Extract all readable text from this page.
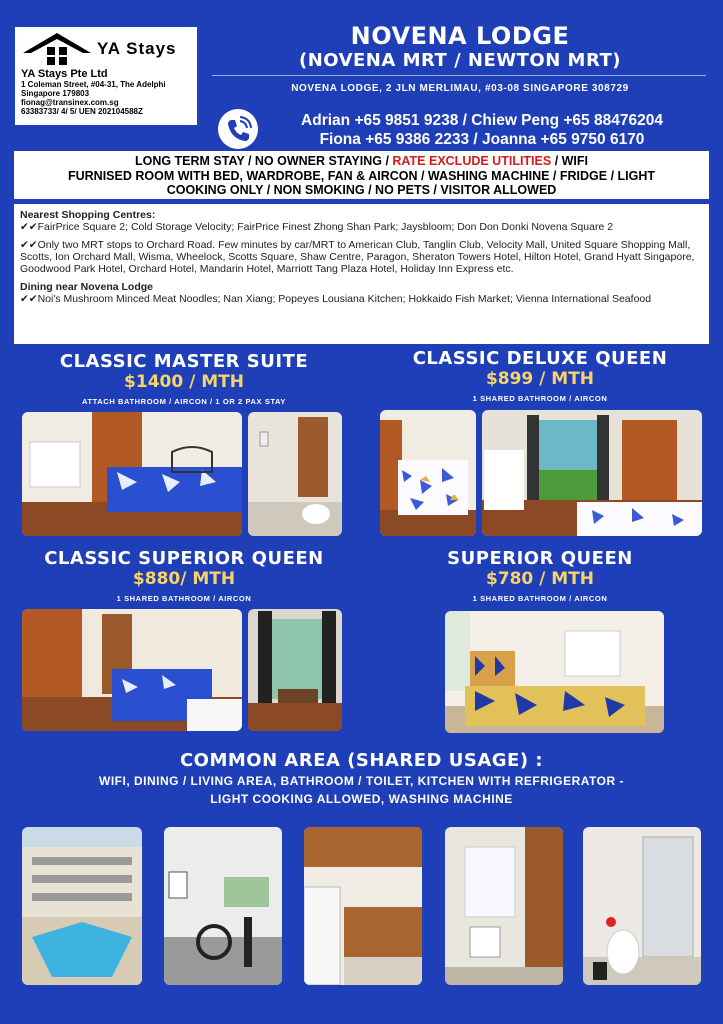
YA Stays
YA Stays Pte Ltd
1 Coleman Street, #04-31, The Adelphi
Singapore 179803
fionag@transinex.com.sg
63383733/ 4/ 5/ UEN 202104588Z
NOVENA LODGE
(NOVENA MRT / NEWTON MRT)
NOVENA LODGE, 2 JLN MERLIMAU, #03-08 SINGAPORE 308729
Adrian +65 9851 9238 / Chiew Peng +65 88476204
Fiona +65 9386 2233 / Joanna +65 9750 6170
LONG TERM STAY / NO OWNER STAYING / RATE EXCLUDE UTILITIES / WIFI
FURNISED ROOM WITH BED, WARDROBE, FAN & AIRCON / WASHING MACHINE / FRIDGE / LIGHT
COOKING ONLY / NON SMOKING / NO PETS / VISITOR ALLOWED

Nearest Shopping Centres:
✔✔FairPrice Square 2; Cold Storage Velocity; FairPrice Finest Zhong Shan Park; Jaysbloom; Don Don Donki Novena Square 2

✔✔Only two MRT stops to Orchard Road. Few minutes by car/MRT to American Club, Tanglin Club, Velocity Mall, United Square Shopping Mall, Scotts, Ion Orchard Mall, Wisma, Wheelock, Scotts Square, Shaw Centre, Paragon, Sheraton Towers Hotel, Hilton Hotel, Grand Hyatt Singapore, Goodwood Park Hotel, Orchard Hotel, Mandarin Hotel, Marriott Tang Plaza Hotel, Holiday Inn Express etc.

Dining near Novena Lodge
✔✔Noi's Mushroom Minced Meat Noodles; Nan Xiang; Popeyes Lousiana Kitchen; Hokkaido Fish Market; Vienna International Seafood

CLASSIC MASTER SUITE
$1400 / MTH
ATTACH BATHROOM / AIRCON / 1 OR 2 PAX STAY
CLASSIC DELUXE QUEEN
$899 / MTH
1 SHARED BATHROOM / AIRCON
CLASSIC SUPERIOR QUEEN
$880/ MTH
1 SHARED BATHROOM / AIRCON
SUPERIOR QUEEN
$780 / MTH
1 SHARED BATHROOM / AIRCON
COMMON AREA (SHARED USAGE) :
WIFI, DINING / LIVING AREA, BATHROOM / TOILET, KITCHEN WITH REFRIGERATOR -
LIGHT COOKING ALLOWED, WASHING MACHINE
